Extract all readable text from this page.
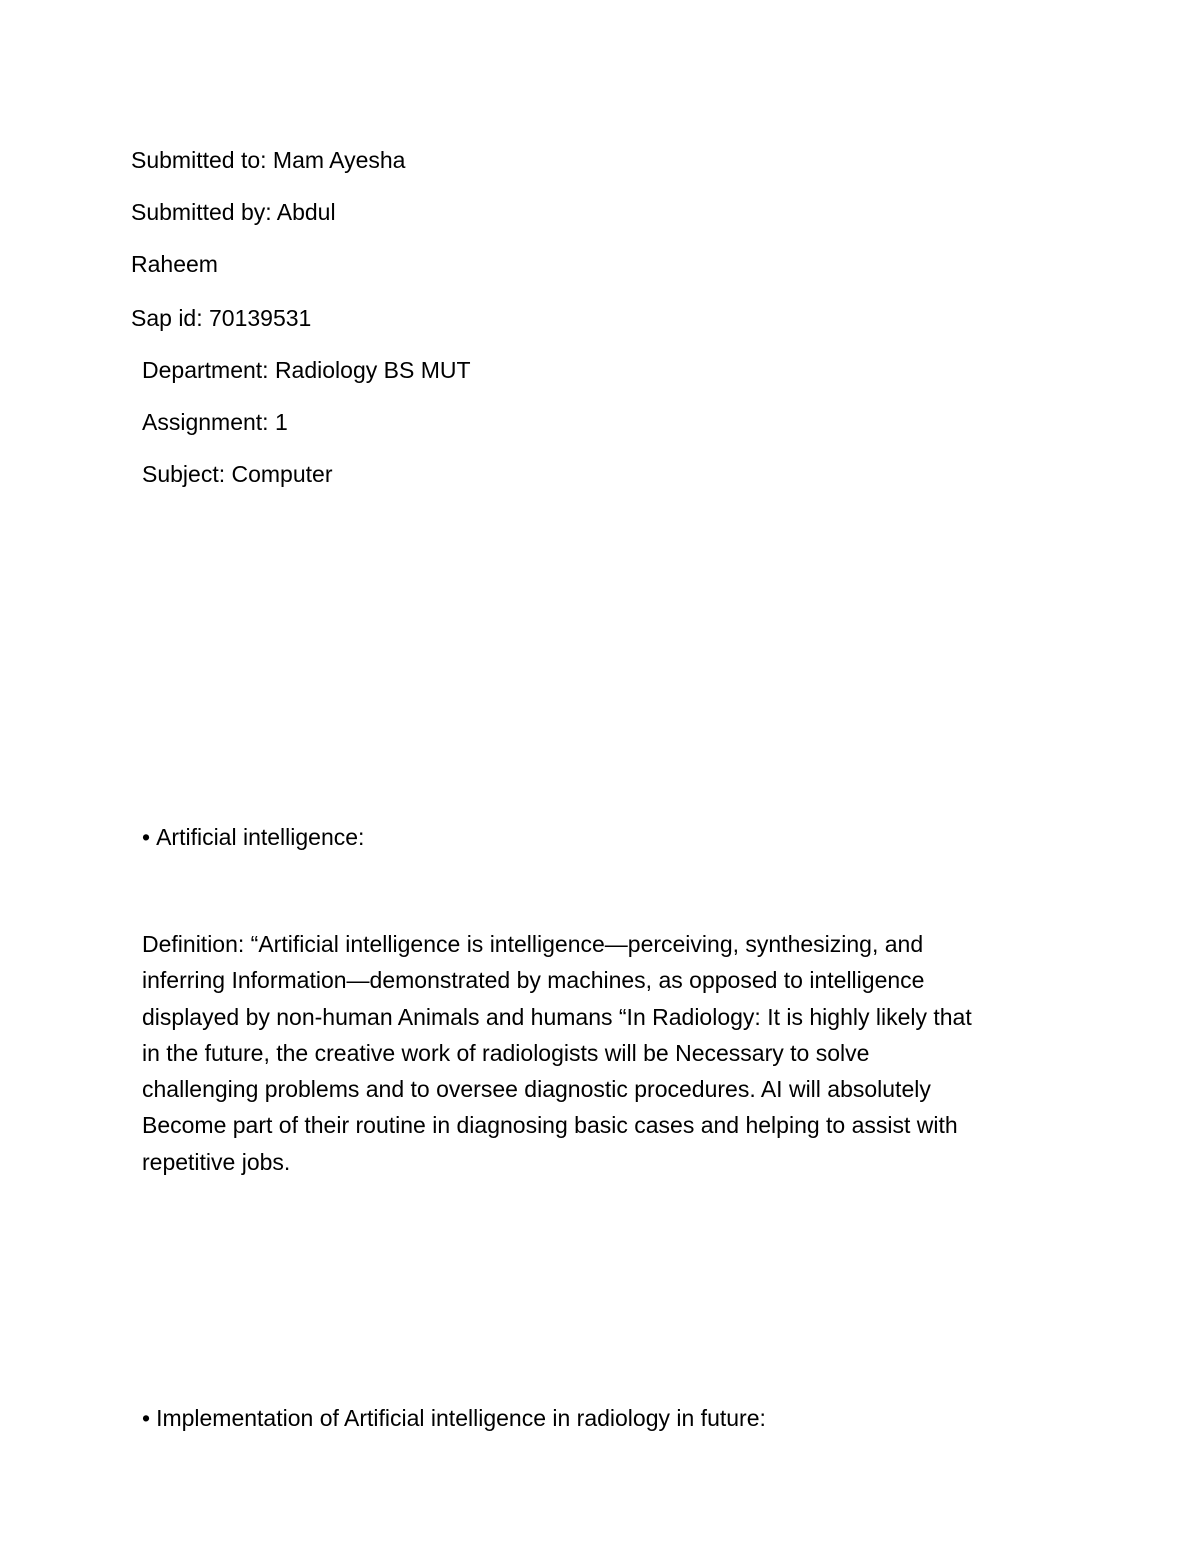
Submitted to: Mam Ayesha

Submitted by: Abdul

Raheem

Sap id: 70139531

Department: Radiology BS MUT

Assignment: 1

Subject: Computer

• Artificial intelligence:

Definition: “Artificial intelligence is intelligence—perceiving, synthesizing, and
inferring Information—demonstrated by machines, as opposed to intelligence
displayed by non-human Animals and humans “In Radiology: It is highly likely that
in the future, the creative work of radiologists will be Necessary to solve
challenging problems and to oversee diagnostic procedures. AI will absolutely
Become part of their routine in diagnosing basic cases and helping to assist with
repetitive jobs.

• Implementation of Artificial intelligence in radiology in future:
